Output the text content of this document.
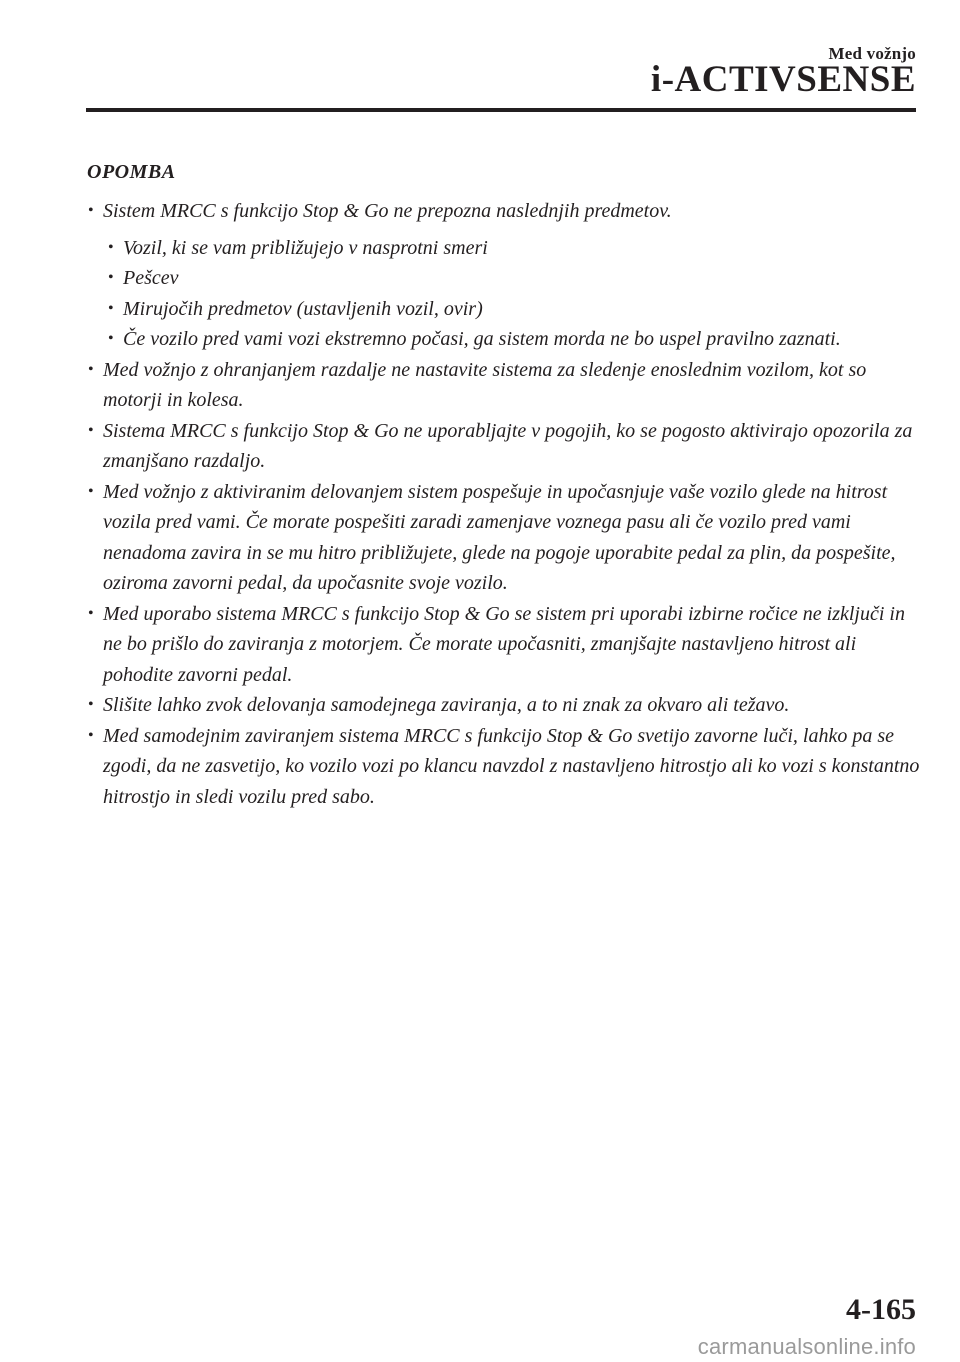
Med vožnjo
i-ACTIVSENSE
OPOMBA
• Sistem MRCC s funkcijo Stop & Go ne prepozna naslednjih predmetov.
• Vozil, ki se vam približujejo v nasprotni smeri
• Pešcev
• Mirujočih predmetov (ustavljenih vozil, ovir)
• Če vozilo pred vami vozi ekstremno počasi, ga sistem morda ne bo uspel pravilno zaznati.
• Med vožnjo z ohranjanjem razdalje ne nastavite sistema za sledenje enoslednim vozilom, kot so motorji in kolesa.
• Sistema MRCC s funkcijo Stop & Go ne uporabljajte v pogojih, ko se pogosto aktivirajo opozorila za zmanjšano razdaljo.
• Med vožnjo z aktiviranim delovanjem sistem pospešuje in upočasnjuje vaše vozilo glede na hitrost vozila pred vami. Če morate pospešiti zaradi zamenjave voznega pasu ali če vozilo pred vami nenadoma zavira in se mu hitro približujete, glede na pogoje uporabite pedal za plin, da pospešite, oziroma zavorni pedal, da upočasnite svoje vozilo.
• Med uporabo sistema MRCC s funkcijo Stop & Go se sistem pri uporabi izbirne ročice ne izključi in ne bo prišlo do zaviranja z motorjem. Če morate upočasniti, zmanjšajte nastavljeno hitrost ali pohodite zavorni pedal.
• Slišite lahko zvok delovanja samodejnega zaviranja, a to ni znak za okvaro ali težavo.
• Med samodejnim zaviranjem sistema MRCC s funkcijo Stop & Go svetijo zavorne luči, lahko pa se zgodi, da ne zasvetijo, ko vozilo vozi po klancu navzdol z nastavljeno hitrostjo ali ko vozi s konstantno hitrostjo in sledi vozilu pred sabo.
4-165
carmanualsonline.info
